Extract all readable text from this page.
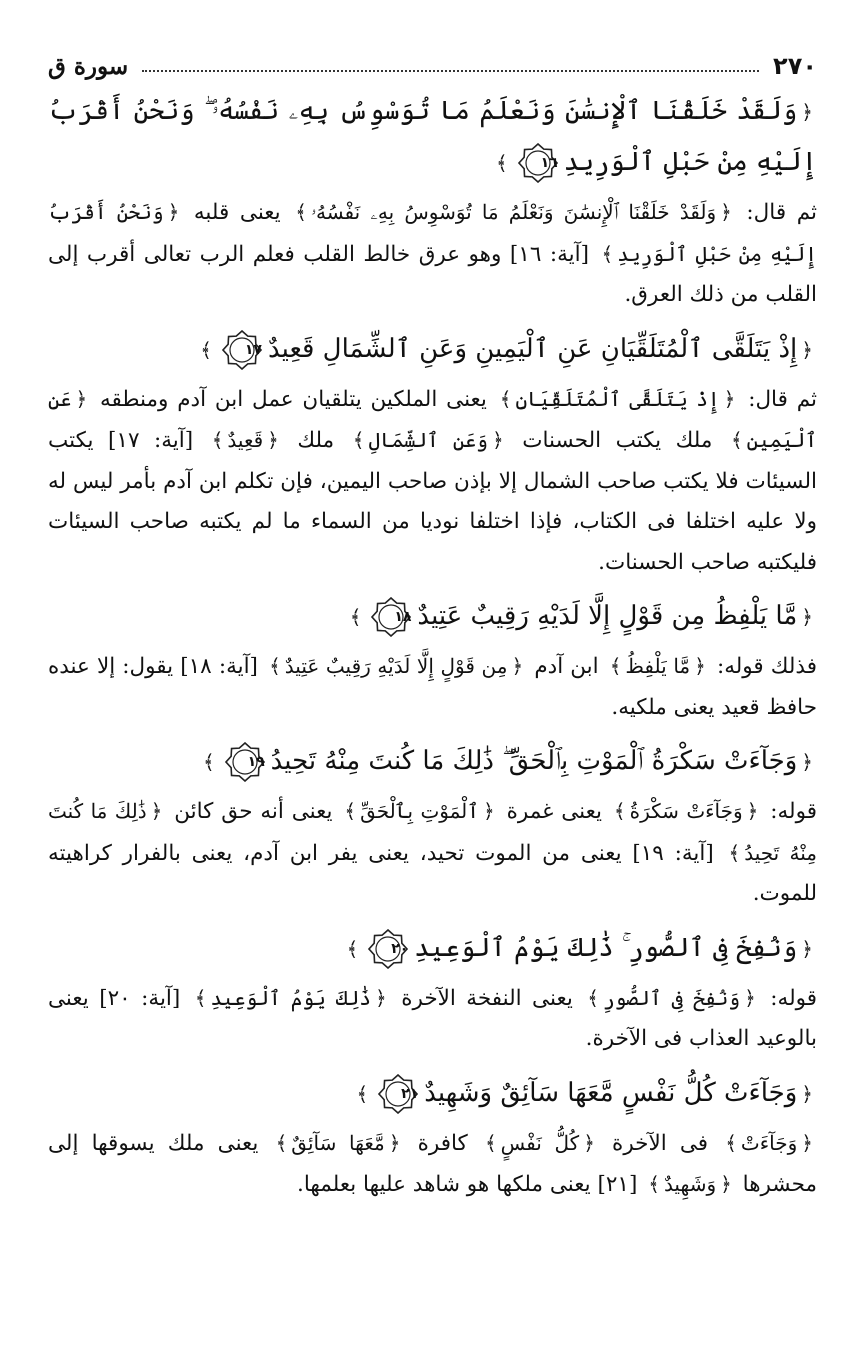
٢٧٠
سورة ق
﴿وَلَقَدْ خَلَقْنَا ٱلْإِنسَٰنَ وَنَعْلَمُ مَا تُوَسْوِسُ بِهِۦ نَفْسُهُۥ ۖ وَنَحْنُ أَقْرَبُ إِلَيْهِ مِنْ حَبْلِ ٱلْوَرِيدِ
١٦
﴾
ثم قال: ﴿وَلَقَدْ خَلَقْنَا ٱلْإِنسَٰنَ وَنَعْلَمُ مَا تُوَسْوِسُ بِهِۦ نَفْسُهُۥ﴾ يعنى قلبه ﴿وَنَحْنُ أَقْرَبُ إِلَيْهِ مِنْ حَبْلِ ٱلْوَرِيدِ﴾ [آية: ١٦] وهو عرق خالط القلب فعلم الرب تعالى أقرب إلى القلب من ذلك العرق.
﴿إِذْ يَتَلَقَّى ٱلْمُتَلَقِّيَانِ عَنِ ٱلْيَمِينِ وَعَنِ ٱلشِّمَالِ قَعِيدٌ
١٧
﴾
ثم قال: ﴿إِذْ يَتَلَقَّى ٱلْمُتَلَقِّيَانِ﴾ يعنى الملكين يتلقيان عمل ابن آدم ومنطقه ﴿عَنِ ٱلْيَمِينِ﴾ ملك يكتب الحسنات ﴿وَعَنِ ٱلشِّمَالِ﴾ ملك ﴿قَعِيدٌ﴾ [آية: ١٧] يكتب السيئات فلا يكتب صاحب الشمال إلا بإذن صاحب اليمين، فإن تكلم ابن آدم بأمر ليس له ولا عليه اختلفا فى الكتاب، فإذا اختلفا نوديا من السماء ما لم يكتبه صاحب السيئات فليكتبه صاحب الحسنات.
﴿مَّا يَلْفِظُ مِن قَوْلٍ إِلَّا لَدَيْهِ رَقِيبٌ عَتِيدٌ
١٨
﴾
فذلك قوله: ﴿مَّا يَلْفِظُ﴾ ابن آدم ﴿مِن قَوْلٍ إِلَّا لَدَيْهِ رَقِيبٌ عَتِيدٌ﴾ [آية: ١٨] يقول: إلا عنده حافظ قعيد يعنى ملكيه.
﴿وَجَآءَتْ سَكْرَةُ ٱلْمَوْتِ بِٱلْحَقِّ ۖ ذَٰلِكَ مَا كُنتَ مِنْهُ تَحِيدُ
١٩
﴾
قوله: ﴿وَجَآءَتْ سَكْرَةُ﴾ يعنى غمرة ﴿ٱلْمَوْتِ بِٱلْحَقِّ﴾ يعنى أنه حق كائن ﴿ذَٰلِكَ مَا كُنتَ مِنْهُ تَحِيدُ﴾ [آية: ١٩] يعنى من الموت تحيد، يعنى يفر ابن آدم، يعنى بالفرار كراهيته للموت.
﴿وَنُفِخَ فِى ٱلصُّورِ ۚ ذَٰلِكَ يَوْمُ ٱلْوَعِيدِ
٢٠
﴾
قوله: ﴿وَنُفِخَ فِى ٱلصُّورِ﴾ يعنى النفخة الآخرة ﴿ذَٰلِكَ يَوْمُ ٱلْوَعِيدِ﴾ [آية: ٢٠] يعنى بالوعيد العذاب فى الآخرة.
﴿وَجَآءَتْ كُلُّ نَفْسٍ مَّعَهَا سَآئِقٌ وَشَهِيدٌ
٢١
﴾
﴿وَجَآءَتْ﴾ فى الآخرة ﴿كُلُّ نَفْسٍ﴾ كافرة ﴿مَّعَهَا سَآئِقٌ﴾ يعنى ملك يسوقها إلى محشرها ﴿وَشَهِيدٌ﴾ [٢١] يعنى ملكها هو شاهد عليها بعلمها.
